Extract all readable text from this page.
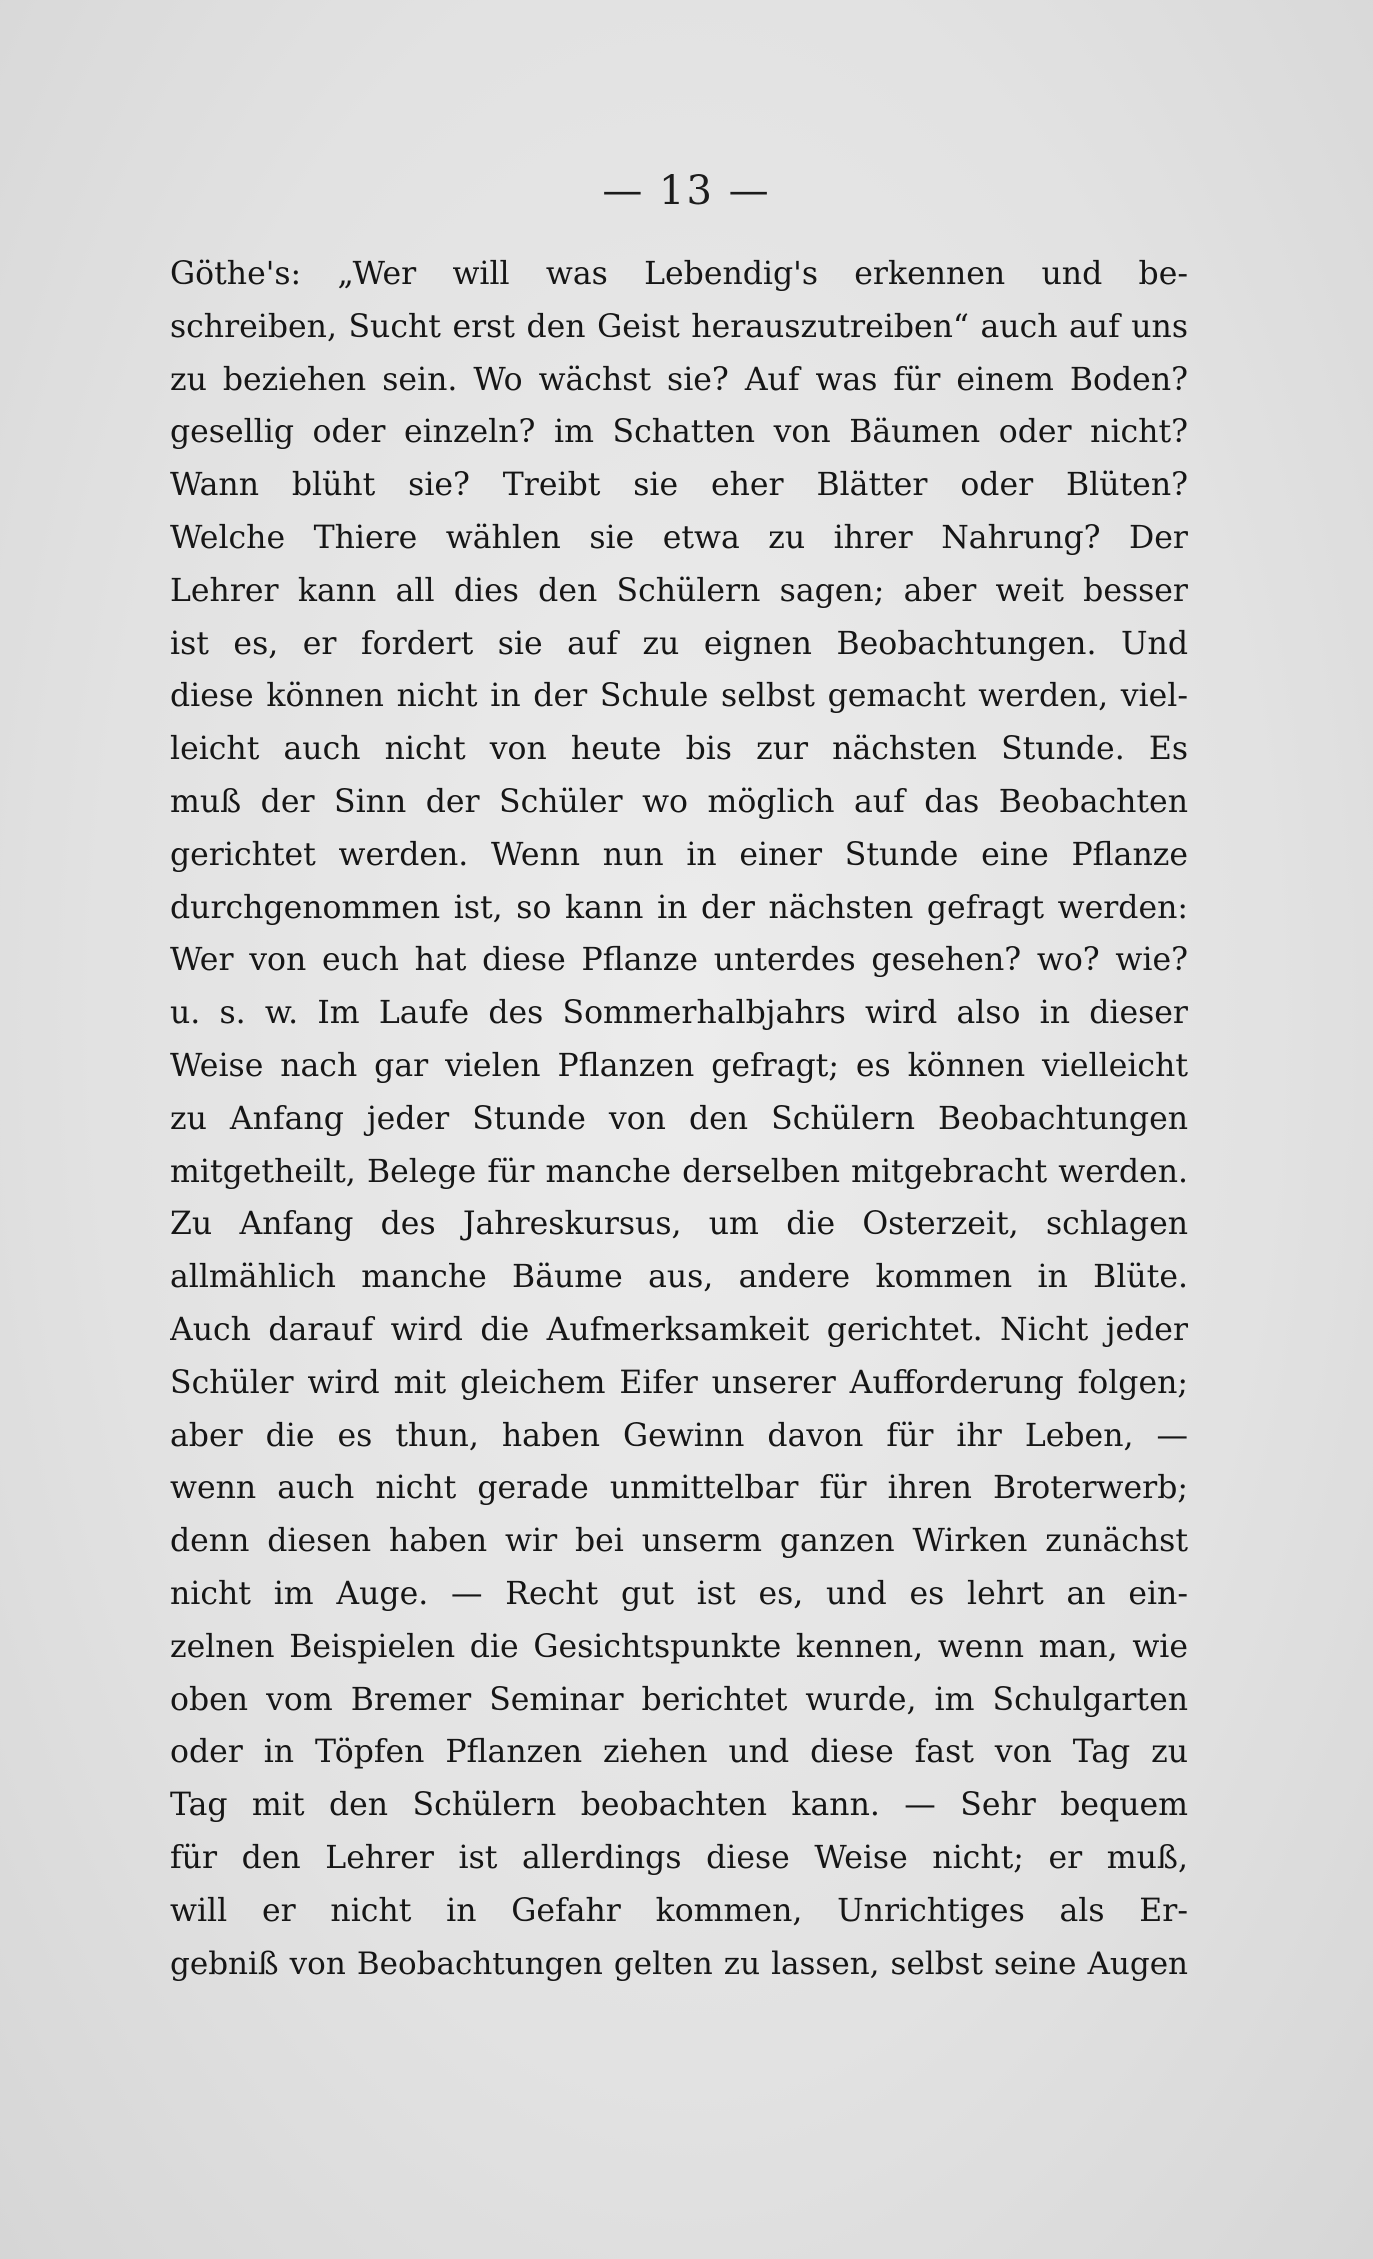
— 13 —
Göthe's: „Wer will was Lebendig's erkennen und be-
schreiben, Sucht erst den Geist herauszutreiben“ auch auf uns
zu beziehen sein. Wo wächst sie? Auf was für einem Boden?
gesellig oder einzeln? im Schatten von Bäumen oder nicht?
Wann blüht sie? Treibt sie eher Blätter oder Blüten?
Welche Thiere wählen sie etwa zu ihrer Nahrung? Der
Lehrer kann all dies den Schülern sagen; aber weit besser
ist es, er fordert sie auf zu eignen Beobachtungen. Und
diese können nicht in der Schule selbst gemacht werden, viel-
leicht auch nicht von heute bis zur nächsten Stunde. Es
muß der Sinn der Schüler wo möglich auf das Beobachten
gerichtet werden. Wenn nun in einer Stunde eine Pflanze
durchgenommen ist, so kann in der nächsten gefragt werden:
Wer von euch hat diese Pflanze unterdes gesehen? wo? wie?
u. s. w. Im Laufe des Sommerhalbjahrs wird also in dieser
Weise nach gar vielen Pflanzen gefragt; es können vielleicht
zu Anfang jeder Stunde von den Schülern Beobachtungen
mitgetheilt, Belege für manche derselben mitgebracht werden.
Zu Anfang des Jahreskursus, um die Osterzeit, schlagen
allmählich manche Bäume aus, andere kommen in Blüte.
Auch darauf wird die Aufmerksamkeit gerichtet. Nicht jeder
Schüler wird mit gleichem Eifer unserer Aufforderung folgen;
aber die es thun, haben Gewinn davon für ihr Leben, —
wenn auch nicht gerade unmittelbar für ihren Broterwerb;
denn diesen haben wir bei unserm ganzen Wirken zunächst
nicht im Auge. — Recht gut ist es, und es lehrt an ein-
zelnen Beispielen die Gesichtspunkte kennen, wenn man, wie
oben vom Bremer Seminar berichtet wurde, im Schulgarten
oder in Töpfen Pflanzen ziehen und diese fast von Tag zu
Tag mit den Schülern beobachten kann. — Sehr bequem
für den Lehrer ist allerdings diese Weise nicht; er muß,
will er nicht in Gefahr kommen, Unrichtiges als Er-
gebniß von Beobachtungen gelten zu lassen, selbst seine Augen
